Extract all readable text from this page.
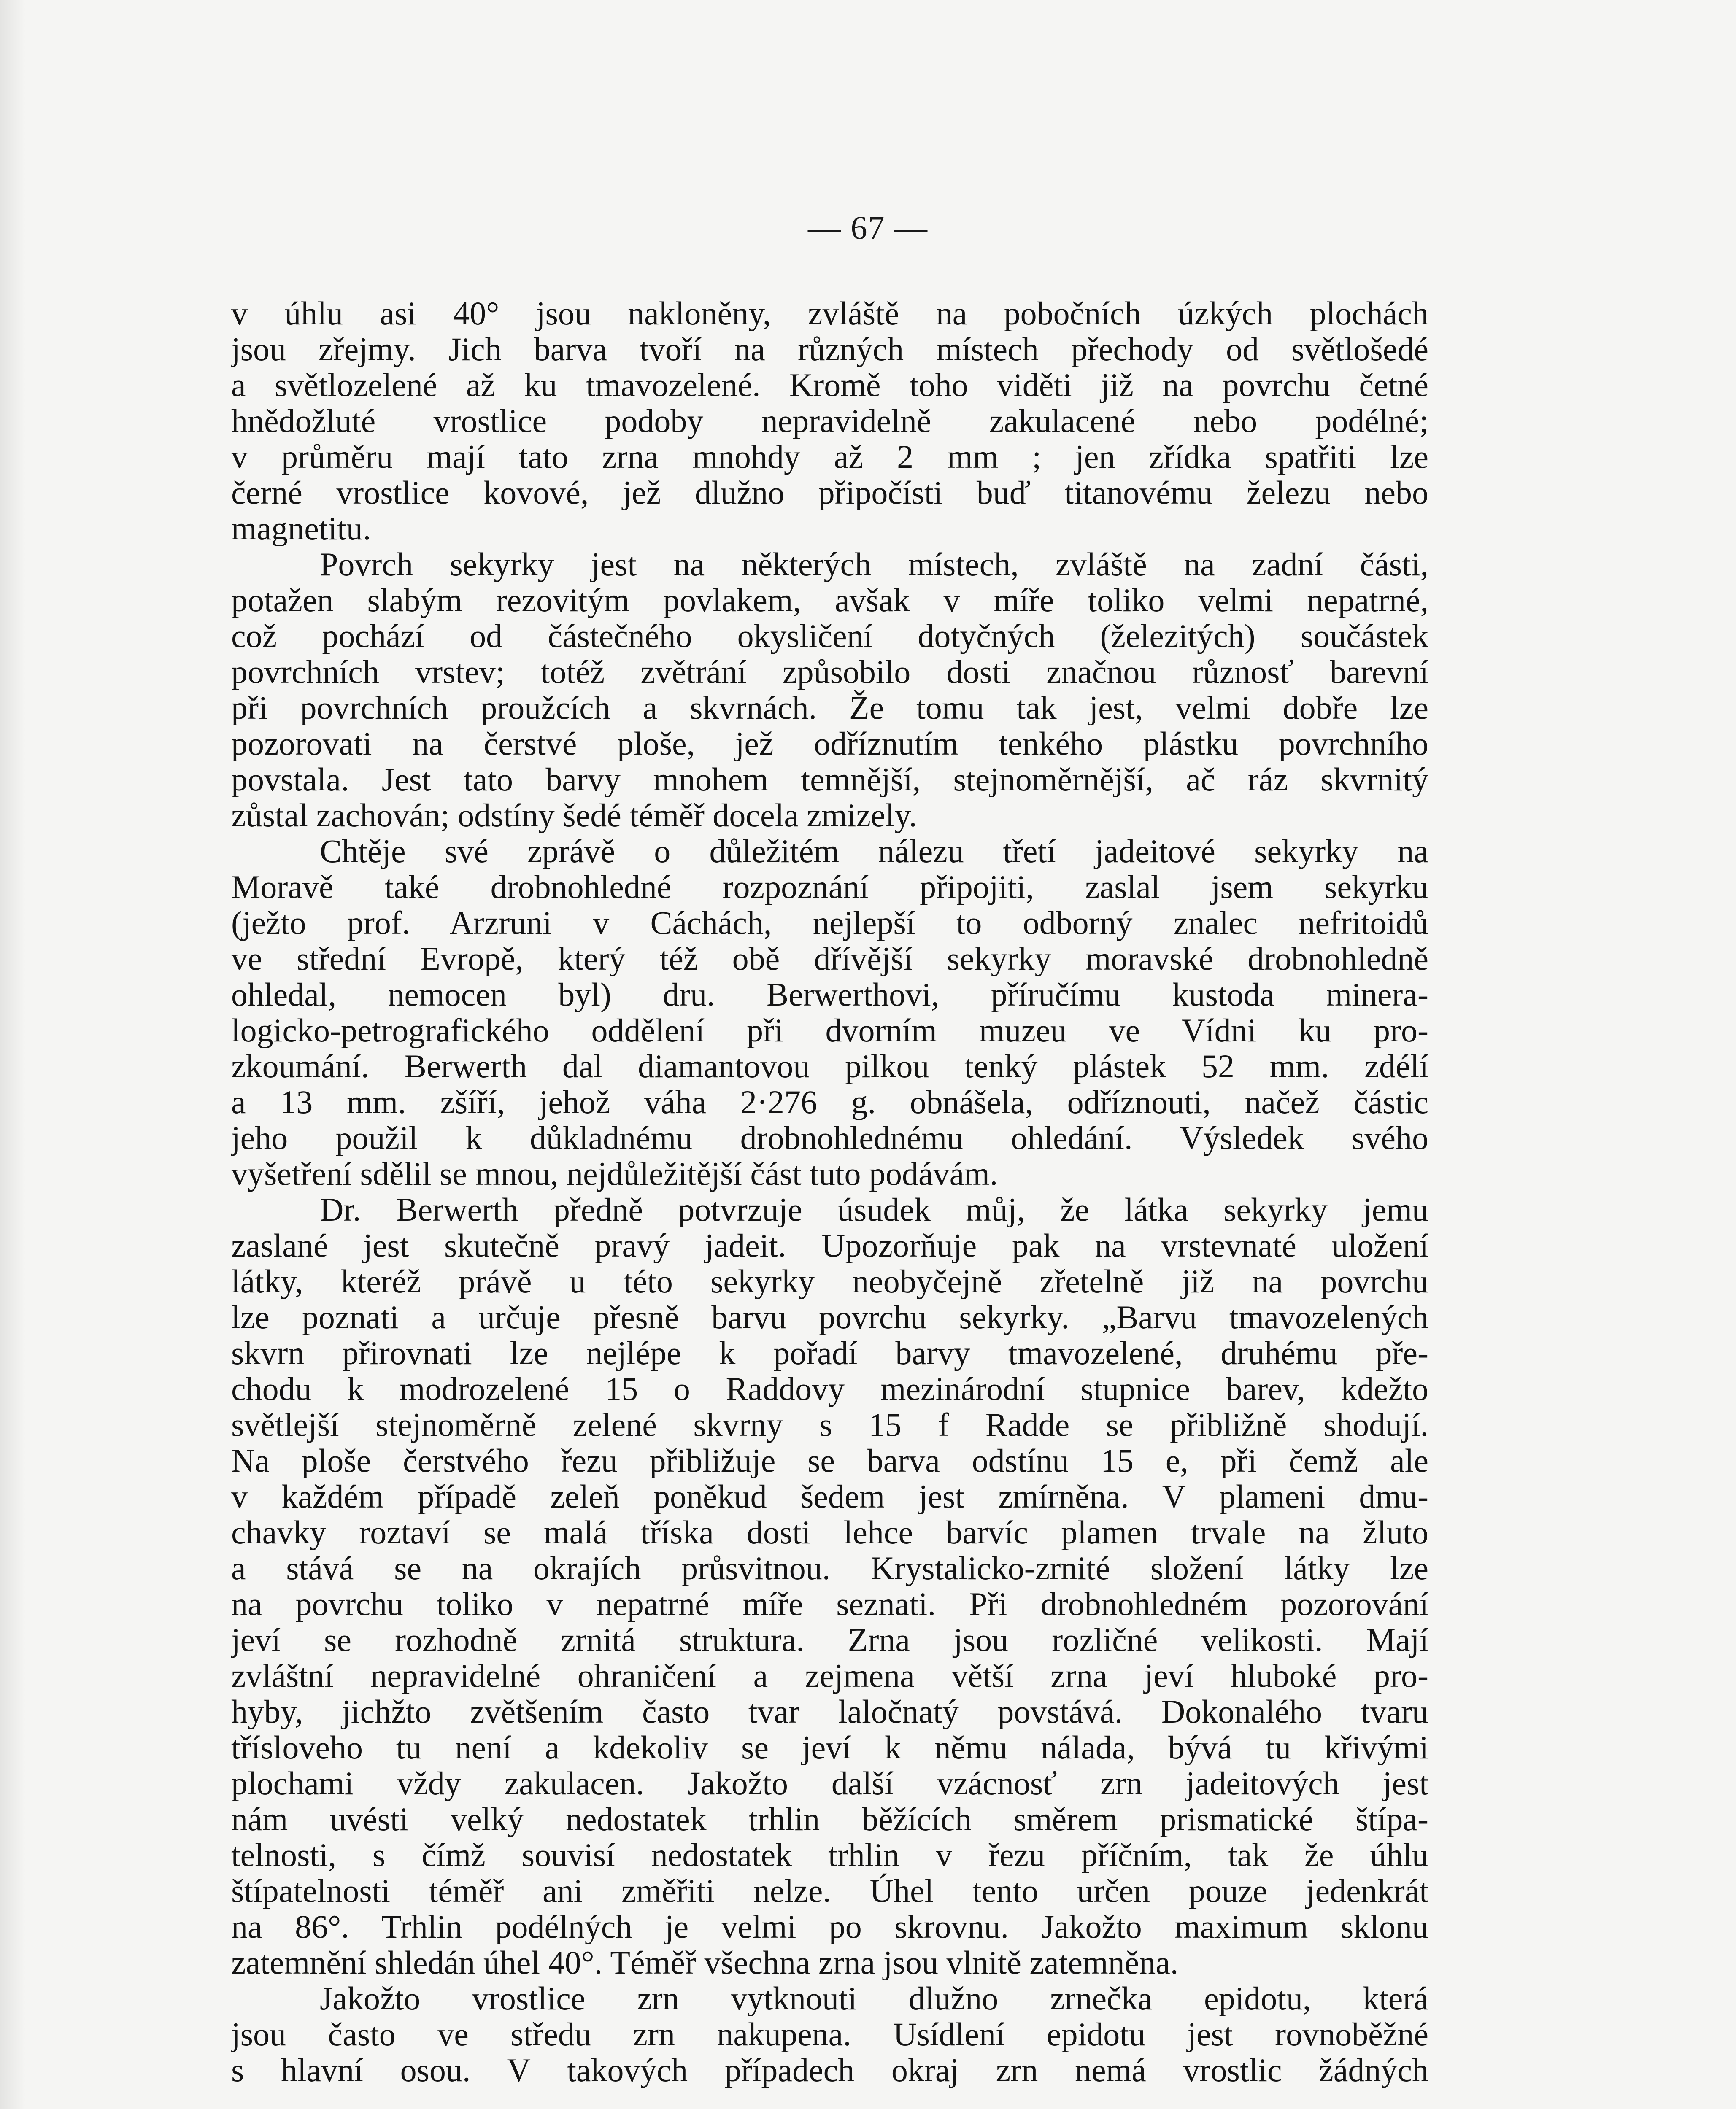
— 67 —
v úhlu asi 40° jsou nakloněny, zvláště na pobočních úzkých plochách
jsou zřejmy. Jich barva tvoří na různých místech přechody od světlošedé
a světlozelené až ku tmavozelené. Kromě toho viděti již na povrchu četné
hnědožluté vrostlice podoby nepravidelně zakulacené nebo podélné;
v průměru mají tato zrna mnohdy až 2 mm ; jen zřídka spatřiti lze
černé vrostlice kovové, jež dlužno připočísti buď titanovému železu nebo
magnetitu.
Povrch sekyrky jest na některých místech, zvláště na zadní části,
potažen slabým rezovitým povlakem, avšak v míře toliko velmi nepatrné,
což pochází od částečného okysličení dotyčných (železitých) součástek
povrchních vrstev; totéž zvětrání způsobilo dosti značnou různosť barevní
při povrchních proužcích a skvrnách. Že tomu tak jest, velmi dobře lze
pozorovati na čerstvé ploše, jež odříznutím tenkého plástku povrchního
povstala. Jest tato barvy mnohem temnější, stejnoměrnější, ač ráz skvrnitý
zůstal zachován; odstíny šedé téměř docela zmizely.
Chtěje své zprávě o důležitém nálezu třetí jadeitové sekyrky na
Moravě také drobnohledné rozpoznání připojiti, zaslal jsem sekyrku
(ježto prof. Arzruni v Cáchách, nejlepší to odborný znalec nefritoidů
ve střední Evropě, který též obě dřívější sekyrky moravské drobnohledně
ohledal, nemocen byl) dru. Berwerthovi, příručímu kustoda minera-
logicko-petrografického oddělení při dvorním muzeu ve Vídni ku pro-
zkoumání. Berwerth dal diamantovou pilkou tenký plástek 52 mm. zdélí
a 13 mm. zšíří, jehož váha 2·276 g. obnášela, odříznouti, načež částic
jeho použil k důkladnému drobnohlednému ohledání. Výsledek svého
vyšetření sdělil se mnou, nejdůležitější část tuto podávám.
Dr. Berwerth předně potvrzuje úsudek můj, že látka sekyrky jemu
zaslané jest skutečně pravý jadeit. Upozorňuje pak na vrstevnaté uložení
látky, kteréž právě u této sekyrky neobyčejně zřetelně již na povrchu
lze poznati a určuje přesně barvu povrchu sekyrky. „Barvu tmavozelených
skvrn přirovnati lze nejlépe k pořadí barvy tmavozelené, druhému pře-
chodu k modrozelené 15 o Raddovy mezinárodní stupnice barev, kdežto
světlejší stejnoměrně zelené skvrny s 15 f Radde se přibližně shodují.
Na ploše čerstvého řezu přibližuje se barva odstínu 15 e, při čemž ale
v každém případě zeleň poněkud šedem jest zmírněna. V plameni dmu-
chavky roztaví se malá tříska dosti lehce barvíc plamen trvale na žluto
a stává se na okrajích průsvitnou. Krystalicko-zrnité složení látky lze
na povrchu toliko v nepatrné míře seznati. Při drobnohledném pozorování
jeví se rozhodně zrnitá struktura. Zrna jsou rozličné velikosti. Mají
zvláštní nepravidelné ohraničení a zejmena větší zrna jeví hluboké pro-
hyby, jichžto zvětšením často tvar laločnatý povstává. Dokonalého tvaru
třísloveho tu není a kdekoliv se jeví k němu nálada, bývá tu křivými
plochami vždy zakulacen. Jakožto další vzácnosť zrn jadeitových jest
nám uvésti velký nedostatek trhlin běžících směrem prismatické štípa-
telnosti, s čímž souvisí nedostatek trhlin v řezu příčním, tak že úhlu
štípatelnosti téměř ani změřiti nelze. Úhel tento určen pouze jedenkrát
na 86°. Trhlin podélných je velmi po skrovnu. Jakožto maximum sklonu
zatemnění shledán úhel 40°. Téměř všechna zrna jsou vlnitě zatemněna.
Jakožto vrostlice zrn vytknouti dlužno zrnečka epidotu, která
jsou často ve středu zrn nakupena. Usídlení epidotu jest rovnoběžné
s hlavní osou. V takových případech okraj zrn nemá vrostlic žádných
